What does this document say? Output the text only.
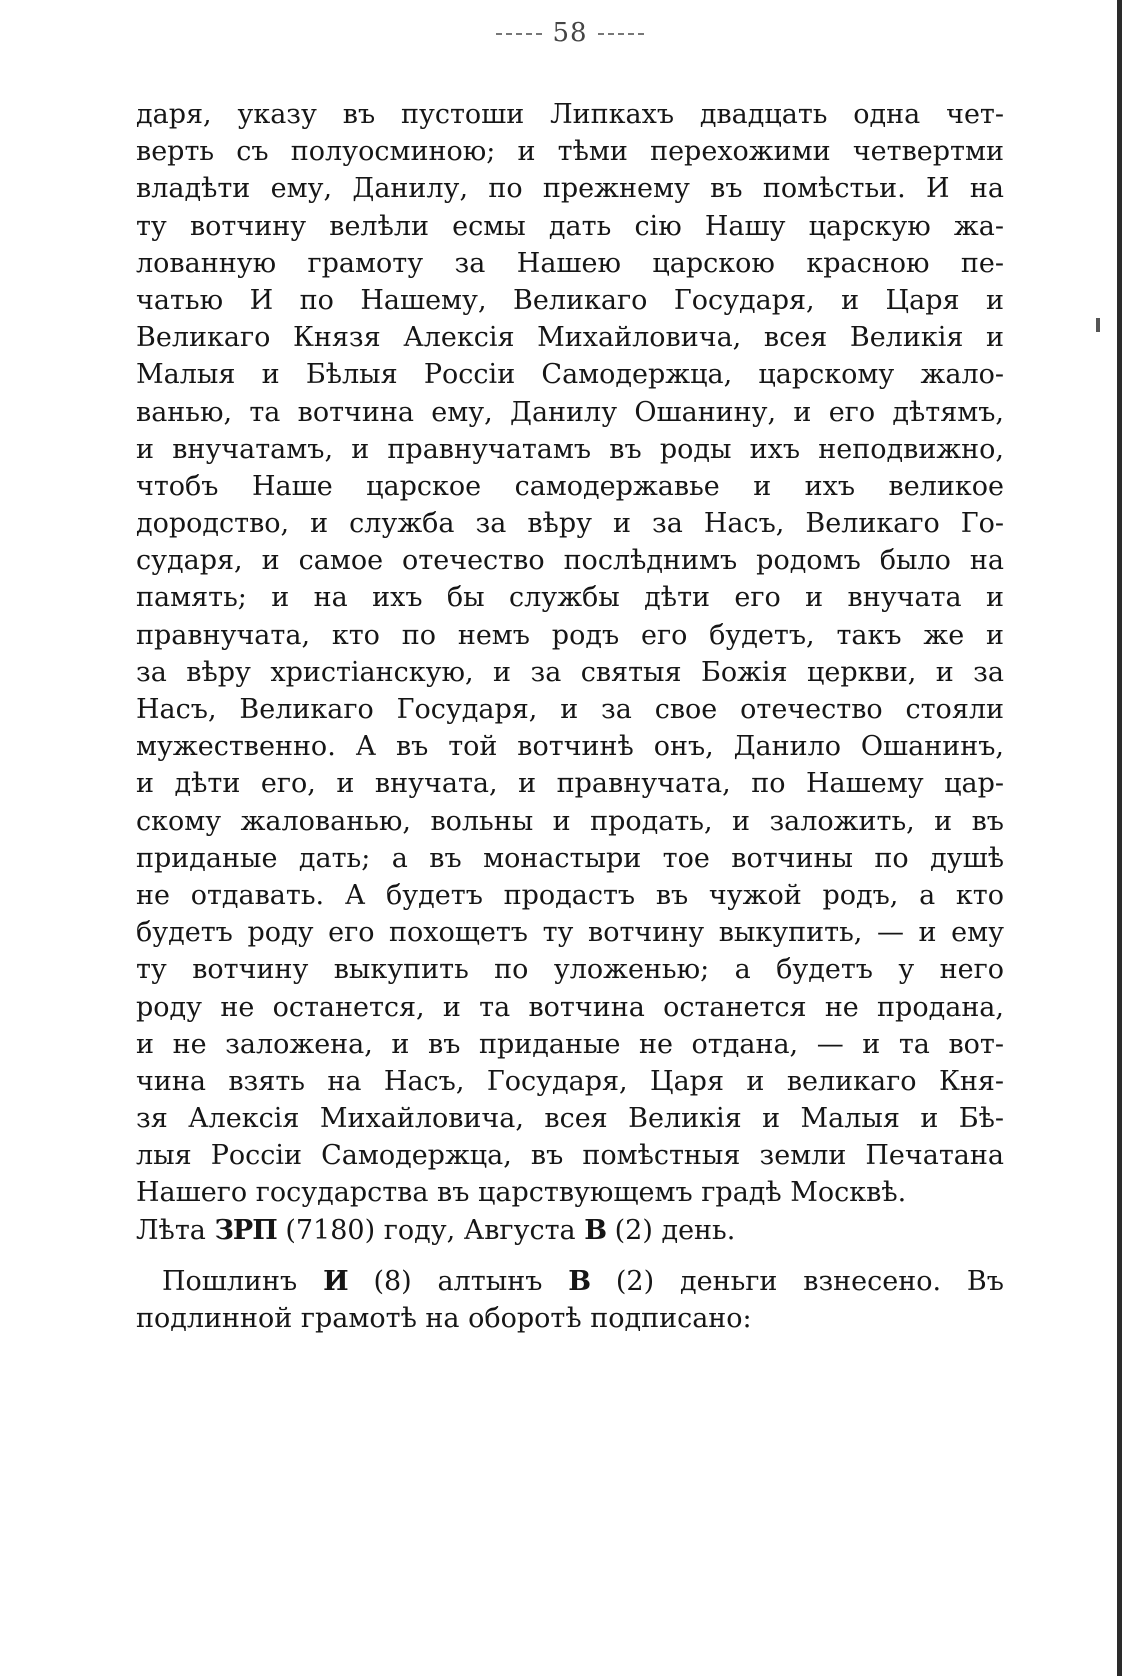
58
даря, указу въ пустоши Липкахъ двадцать одна чет-
верть съ полуосминою; и тѣми перехожими четвертми
владѣти ему, Данилу, по прежнему въ помѣстьи. И на
ту вотчину велѣли есмы дать сію Нашу царскую жа-
лованную грамоту за Нашею царскою красною пе-
чатью И по Нашему, Великаго Государя, и Царя и
Великаго Князя Алексія Михайловича, всея Великія и
Малыя и Бѣлыя Россіи Самодержца, царскому жало-
ванью, та вотчина ему, Данилу Ошанину, и его дѣтямъ,
и внучатамъ, и правнучатамъ въ роды ихъ неподвижно,
чтобъ Наше царское самодержавье и ихъ великое
дородство, и служба за вѣру и за Насъ, Великаго Го-
сударя, и самое отечество послѣднимъ родомъ было на
память; и на ихъ бы службы дѣти его и внучата и
правнучата, кто по немъ родъ его будетъ, такъ же и
за вѣру христіанскую, и за святыя Божія церкви, и за
Насъ, Великаго Государя, и за свое отечество стояли
мужественно. А въ той вотчинѣ онъ, Данило Ошанинъ,
и дѣти его, и внучата, и правнучата, по Нашему цар-
скому жалованью, вольны и продать, и заложить, и въ
приданые дать; а въ монастыри тое вотчины по душѣ
не отдавать. А будетъ продастъ въ чужой родъ, а кто
будетъ роду его похощетъ ту вотчину выкупить, — и ему
ту вотчину выкупить по уложенью; а будетъ у него
роду не останется, и та вотчина останется не продана,
и не заложена, и въ приданые не отдана, — и та вот-
чина взять на Насъ, Государя, Царя и великаго Кня-
зя Алексія Михайловича, всея Великія и Малыя и Бѣ-
лыя Россіи Самодержца, въ помѣстныя земли Печатана
Нашего государства въ царствующемъ градѣ Москвѣ.
Лѣта ЗРП (7180) году, Августа В (2) день.
Пошлинъ И (8) алтынъ В (2) деньги взнесено. Въ
подлинной грамотѣ на оборотѣ подписано:
